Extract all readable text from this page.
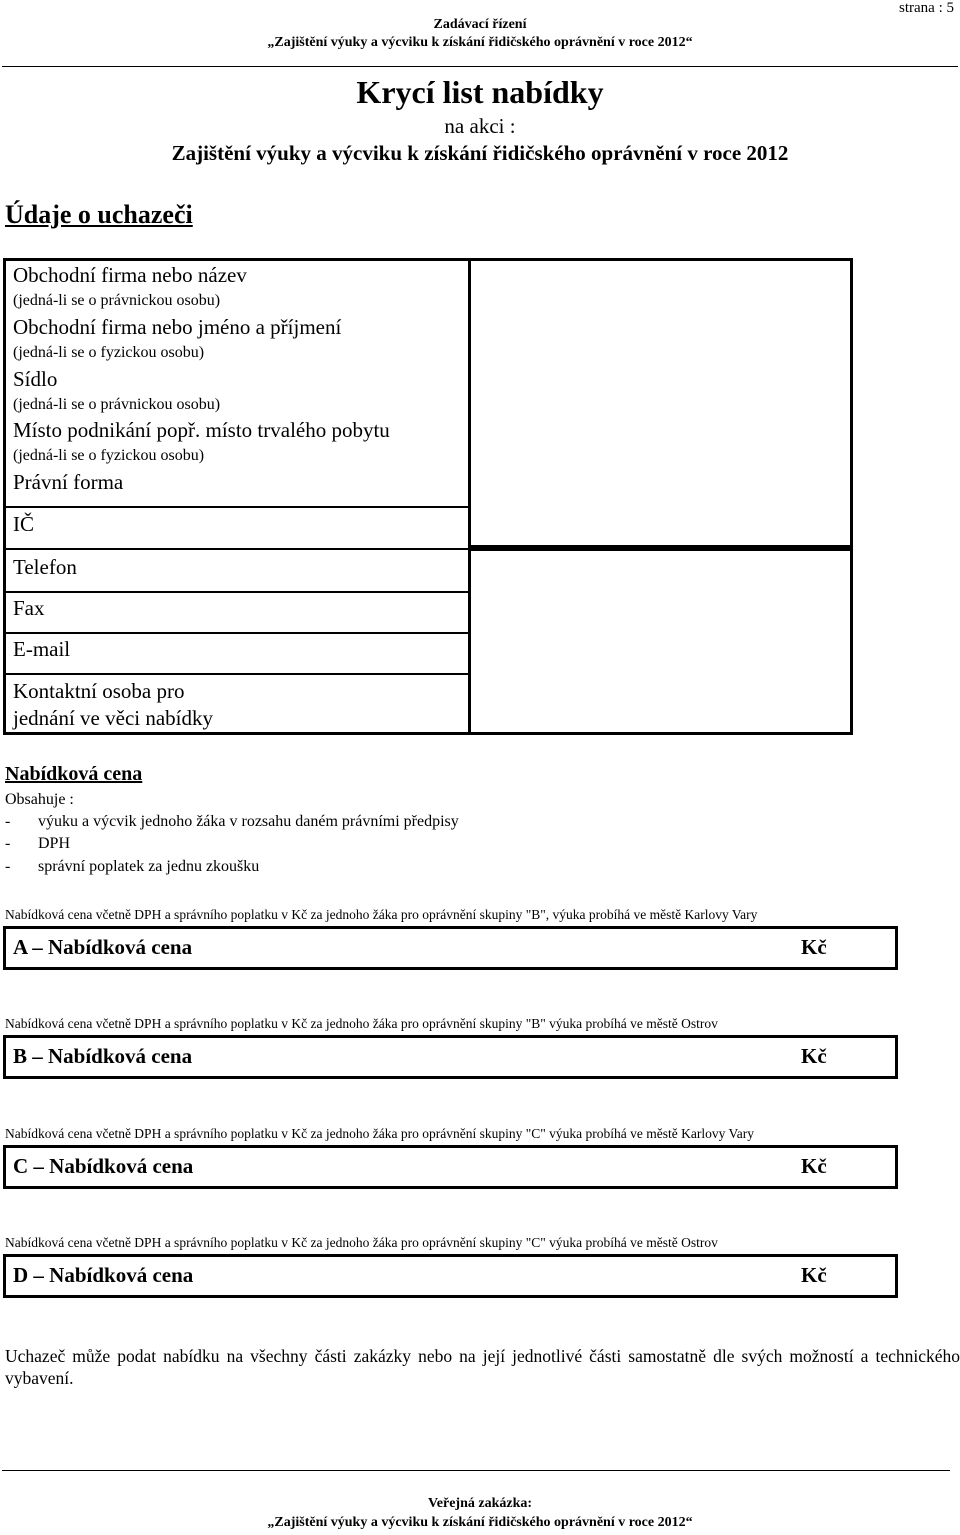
strana : 5
Zadávací řízení
„Zajištění výuky a výcviku k získání řidičského oprávnění v roce 2012“
Krycí list nabídky
na akci :
Zajištění výuky a výcviku k získání řidičského oprávnění v roce 2012
Údaje o uchazeči
Obchodní firma nebo název
(jedná-li se o právnickou osobu)
Obchodní firma nebo jméno a příjmení
(jedná-li se o fyzickou osobu)
Sídlo
(jedná-li se o právnickou osobu)
Místo podnikání popř. místo trvalého pobytu
(jedná-li se o fyzickou osobu)
Právní forma
IČ
Telefon
Fax
E-mail
Kontaktní osoba pro
jednání ve věci nabídky
Nabídková cena
Obsahuje :
- výuku a výcvik jednoho žáka v rozsahu daném právními předpisy
- DPH
- správní poplatek za jednu zkoušku
Nabídková cena včetně DPH a správního poplatku v Kč za jednoho žáka pro oprávnění skupiny "B", výuka probíhá ve městě Karlovy Vary
A – Nabídková cena	Kč
Nabídková cena včetně DPH a správního poplatku v Kč za jednoho žáka pro oprávnění skupiny "B" výuka probíhá ve městě Ostrov
B – Nabídková cena	Kč
Nabídková cena včetně DPH a správního poplatku v Kč za jednoho žáka pro oprávnění skupiny "C" výuka probíhá ve městě Karlovy Vary
C – Nabídková cena	Kč
Nabídková cena včetně DPH a správního poplatku v Kč za jednoho žáka pro oprávnění skupiny "C" výuka probíhá ve městě Ostrov
D – Nabídková cena	Kč
Uchazeč může podat nabídku na všechny části zakázky nebo na její jednotlivé části samostatně dle svých možností a technického vybavení.
Veřejná zakázka:
„Zajištění výuky a výcviku k získání řidičského oprávnění v roce 2012“
